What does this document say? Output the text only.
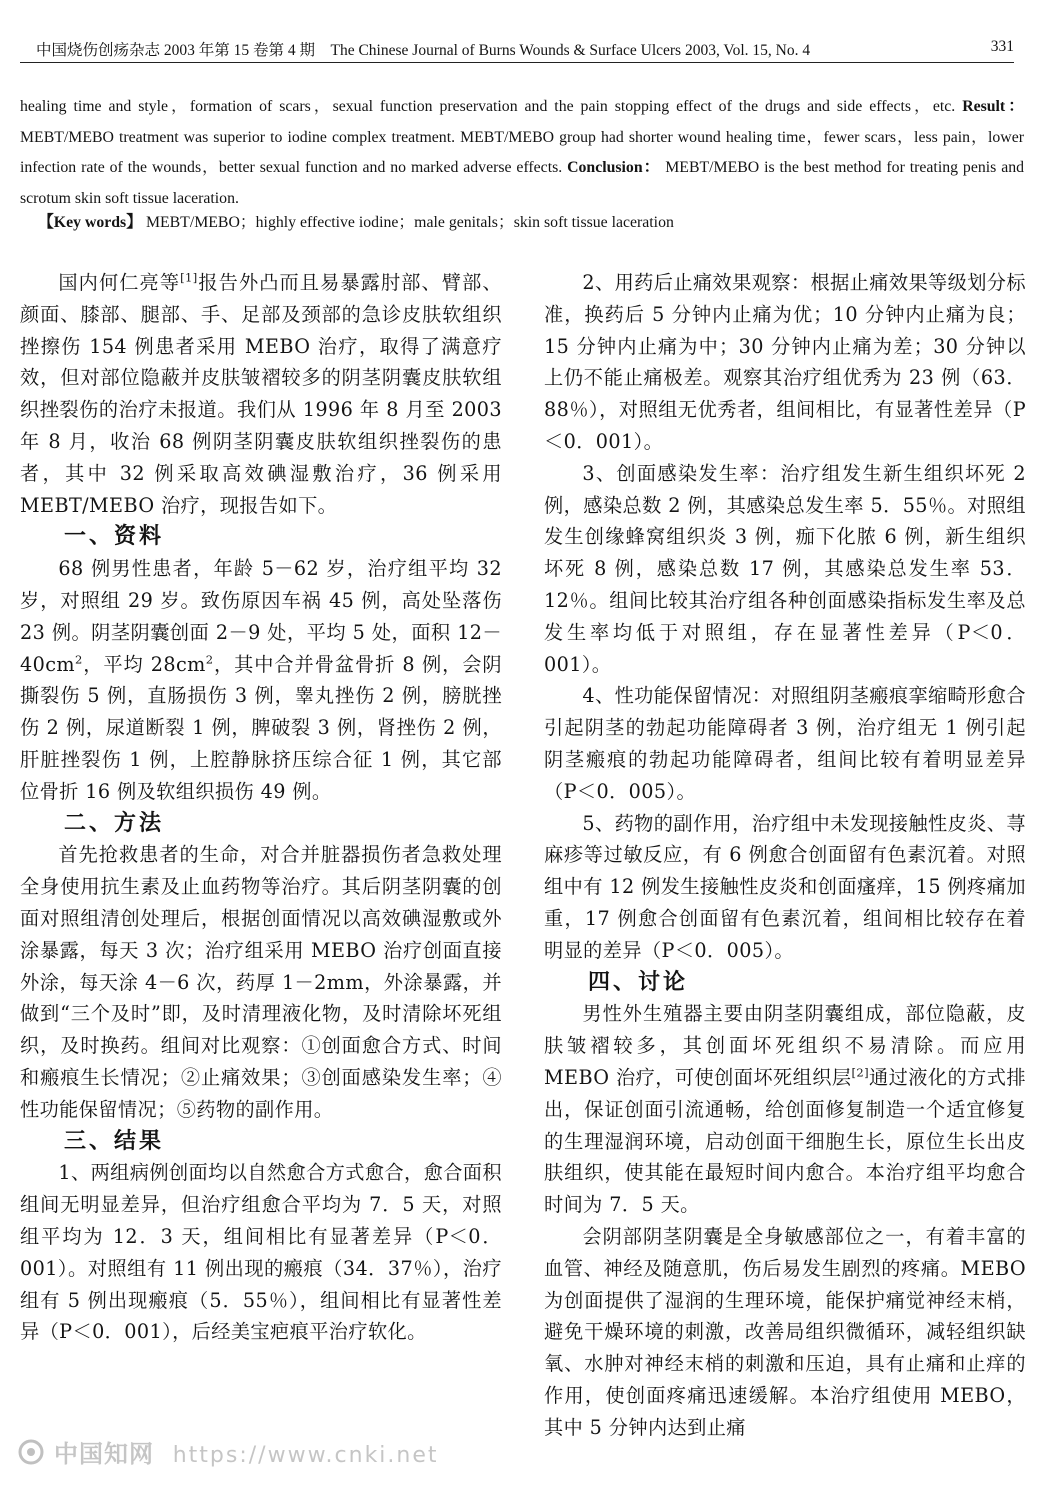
中国烧伤创疡杂志 2003 年第 15 卷第 4 期　The Chinese Journal of Burns Wounds & Surface Ulcers 2003, Vol. 15, No. 4	331
healing time and style，formation of scars，sexual function preservation and the pain stopping effect of the drugs and side effects，etc. Result： MEBT/MEBO treatment was superior to iodine complex treatment. MEBT/MEBO group had shorter wound healing time，fewer scars，less pain，lower infection rate of the wounds，better sexual function and no marked adverse effects. Conclusion： MEBT/MEBO is the best method for treating penis and scrotum skin soft tissue laceration.
【Key words】 MEBT/MEBO；highly effective iodine；male genitals；skin soft tissue laceration

国内何仁亮等[1]报告外凸而且易暴露肘部、臂部、颜面、膝部、腿部、手、足部及颈部的急诊皮肤软组织挫擦伤 154 例患者采用 MEBO 治疗，取得了满意疗效，但对部位隐蔽并皮肤皱褶较多的阴茎阴囊皮肤软组织挫裂伤的治疗未报道。我们从 1996 年 8 月至 2003 年 8 月，收治 68 例阴茎阴囊皮肤软组织挫裂伤的患者，其中 32 例采取高效碘湿敷治疗，36 例采用 MEBT/MEBO 治疗，现报告如下。

一、资料

68 例男性患者，年龄 5－62 岁，治疗组平均 32 岁，对照组 29 岁。致伤原因车祸 45 例，高处坠落伤 23 例。阴茎阴囊创面 2－9 处，平均 5 处，面积 $12-40cm^2$，平均 $28cm^2$，其中合并骨盆骨折 8 例，会阴撕裂伤 5 例，直肠损伤 3 例，睾丸挫伤 2 例，膀胱挫伤 2 例，尿道断裂 1 例，脾破裂 3 例，肾挫伤 2 例，肝脏挫裂伤 1 例，上腔静脉挤压综合征 1 例，其它部位骨折 16 例及软组织损伤 49 例。

二、方法

首先抢救患者的生命，对合并脏器损伤者急救处理全身使用抗生素及止血药物等治疗。其后阴茎阴囊的创面对照组清创处理后，根据创面情况以高效碘湿敷或外涂暴露，每天 3 次；治疗组采用 MEBO 治疗创面直接外涂，每天涂 4－6 次，药厚 1－2mm，外涂暴露，并做到“三个及时”即，及时清理液化物，及时清除坏死组织，及时换药。组间对比观察：①创面愈合方式、时间和瘢痕生长情况；②止痛效果；③创面感染发生率；④性功能保留情况；⑤药物的副作用。

三、结果

1、两组病例创面均以自然愈合方式愈合，愈合面积组间无明显差异，但治疗组愈合平均为 7．5 天，对照组平均为 12．3 天，组间相比有显著差异（P＜0．001）。对照组有 11 例出现的瘢痕（34．37％），治疗组有 5 例出现瘢痕（5．55％），组间相比有显著性差异（P＜0．001），后经美宝疤痕平治疗软化。

2、用药后止痛效果观察：根据止痛效果等级划分标准，换药后 5 分钟内止痛为优；10 分钟内止痛为良；15 分钟内止痛为中；30 分钟内止痛为差；30 分钟以上仍不能止痛极差。观察其治疗组优秀为 23 例（63．88％），对照组无优秀者，组间相比，有显著性差异（P＜0．001）。

3、创面感染发生率：治疗组发生新生组织坏死 2 例，感染总数 2 例，其感染总发生率 5．55％。对照组发生创缘蜂窝组织炎 3 例，痂下化脓 6 例，新生组织坏死 8 例，感染总数 17 例，其感染总发生率 53．12％。组间比较其治疗组各种创面感染指标发生率及总发生率均低于对照组，存在显著性差异（P＜0．001）。

4、性功能保留情况：对照组阴茎瘢痕挛缩畸形愈合引起阴茎的勃起功能障碍者 3 例，治疗组无 1 例引起阴茎瘢痕的勃起功能障碍者，组间比较有着明显差异（P＜0．005）。

5、药物的副作用，治疗组中未发现接触性皮炎、荨麻疹等过敏反应，有 6 例愈合创面留有色素沉着。对照组中有 12 例发生接触性皮炎和创面瘙痒，15 例疼痛加重，17 例愈合创面留有色素沉着，组间相比较存在着明显的差异（P＜0．005）。

四、讨论

男性外生殖器主要由阴茎阴囊组成，部位隐蔽，皮肤皱褶较多，其创面坏死组织不易清除。而应用 MEBO 治疗，可使创面坏死组织层[2]通过液化的方式排出，保证创面引流通畅，给创面修复制造一个适宜修复的生理湿润环境，启动创面干细胞生长，原位生长出皮肤组织，使其能在最短时间内愈合。本治疗组平均愈合时间为 7．5 天。

会阴部阴茎阴囊是全身敏感部位之一，有着丰富的血管、神经及随意肌，伤后易发生剧烈的疼痛。MEBO 为创面提供了湿润的生理环境，能保护痛觉神经末梢，避免干燥环境的刺激，改善局组织微循环，减轻组织缺氧、水肿对神经末梢的刺激和压迫，具有止痛和止痒的作用，使创面疼痛迅速缓解。本治疗组使用 MEBO，其中 5 分钟内达到止痛

中国知网 https://www.cnki.net
